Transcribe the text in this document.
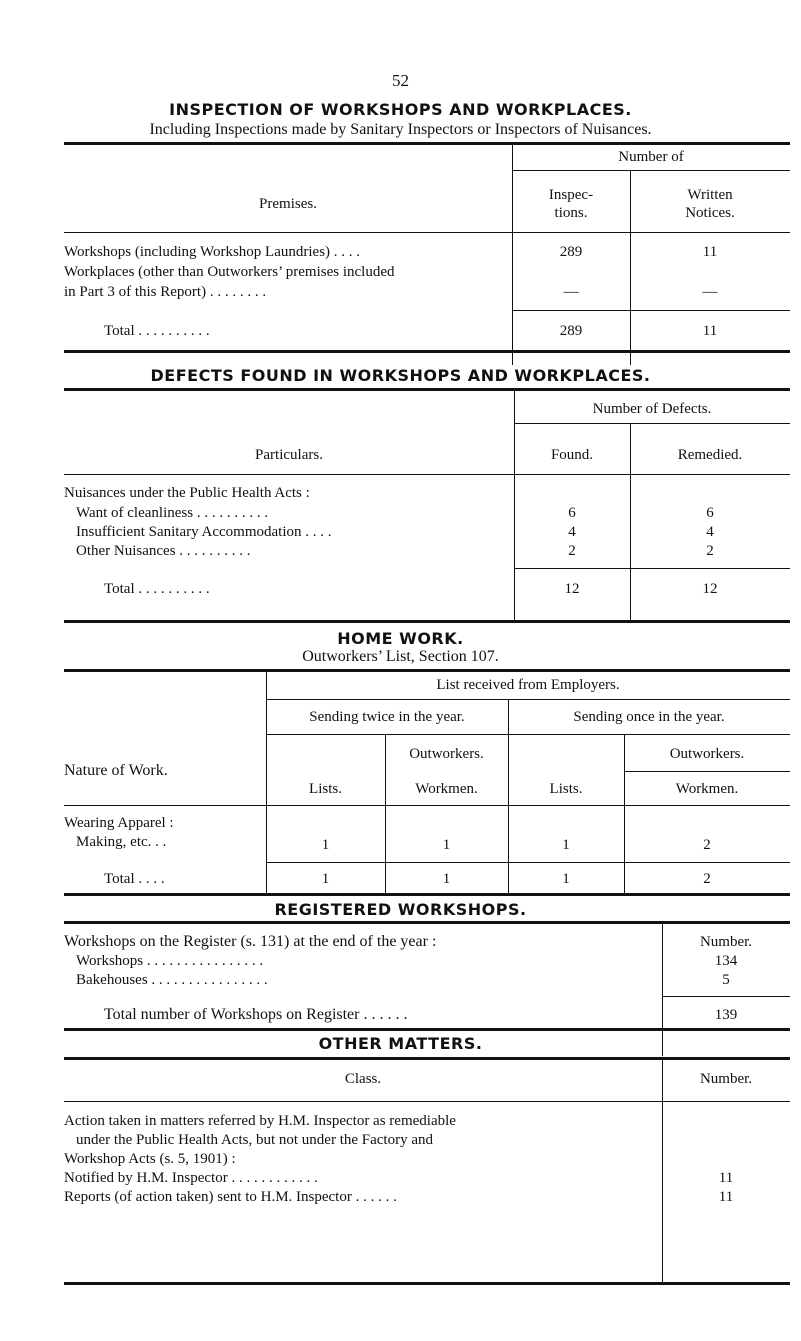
52
INSPECTION OF WORKSHOPS AND WORKPLACES.
Including Inspections made by Sanitary Inspectors or Inspectors of Nuisances.
Number of
Premises.
Inspec-
tions.
Written
Notices.
Workshops (including Workshop Laundries) . . . .	289	11
Workplaces (other than Outworkers’ premises included
in Part 3 of this Report) . . . . . . . .	—	—
Total . . . . . . . . . .	289	11
DEFECTS FOUND IN WORKSHOPS AND WORKPLACES.
Number of Defects.
Particulars.	Found.	Remedied.
Nuisances under the Public Health Acts :
Want of cleanliness . . . . . . . . . .	6	6
Insufficient Sanitary Accommodation . . . .	4	4
Other Nuisances . . . . . . . . . .	2	2
Total . . . . . . . . . .	12	12
HOME WORK.
Outworkers’ List, Section 107.
List received from Employers.
Sending twice in the year.	Sending once in the year.
Nature of Work.
Outworkers.	Outworkers.
Lists.	Workmen.	Lists.	Workmen.
Wearing Apparel :
Making, etc. . .	1	1	1	2
Total . . . .	1	1	1	2
REGISTERED WORKSHOPS.
Workshops on the Register (s. 131) at the end of the year :	Number.
Workshops . . . . . . . . . . . . . . . .	134
Bakehouses . . . . . . . . . . . . . . . .	5
Total number of Workshops on Register . . . . . .	139
OTHER MATTERS.
Class.	Number.
Action taken in matters referred by H.M. Inspector as remediable
under the Public Health Acts, but not under the Factory and
Workshop Acts (s. 5, 1901) :
Notified by H.M. Inspector . . . . . . . . . . . .	11
Reports (of action taken) sent to H.M. Inspector . . . . . .	11
